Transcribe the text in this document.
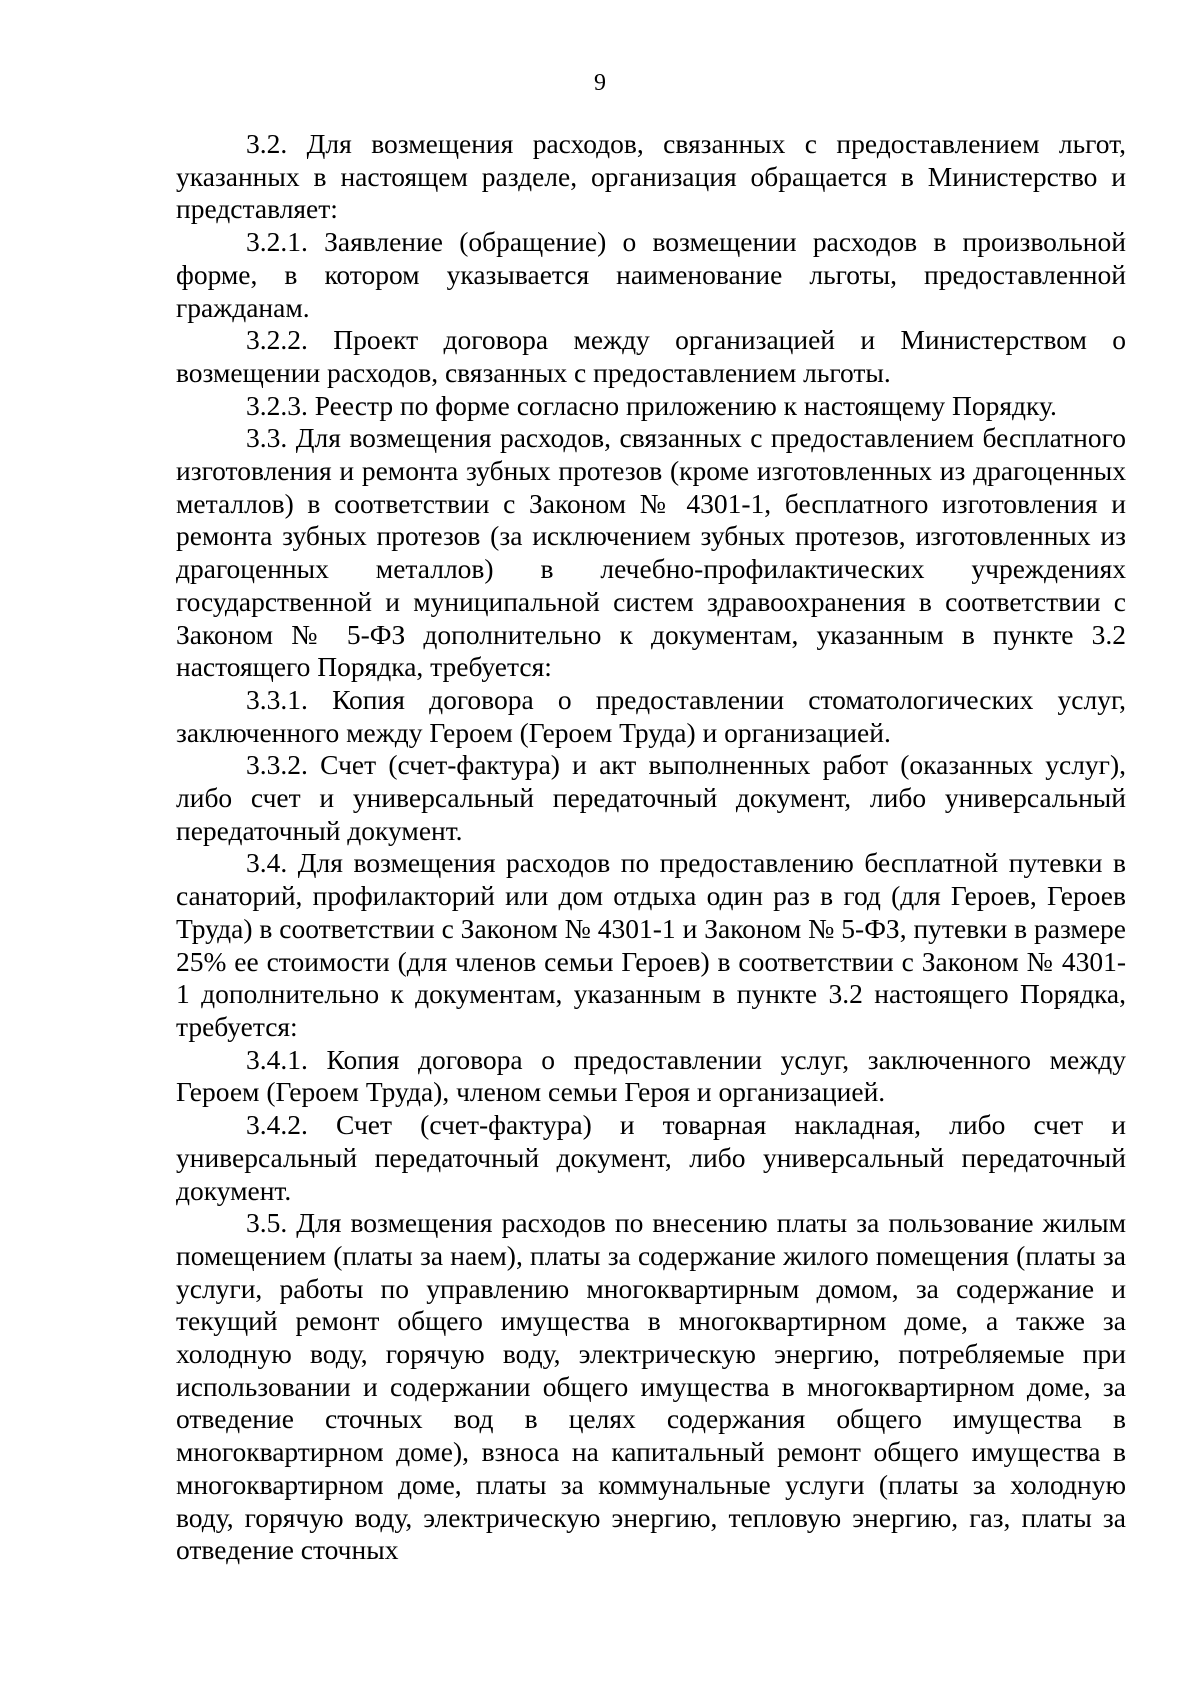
9

3.2. Для возмещения расходов, связанных с предоставлением льгот, указанных в настоящем разделе, организация обращается в Министерство и представляет:

3.2.1. Заявление (обращение) о возмещении расходов в произвольной форме, в котором указывается наименование льготы, предоставленной гражданам.

3.2.2. Проект договора между организацией и Министерством о возмещении расходов, связанных с предоставлением льготы.

3.2.3. Реестр по форме согласно приложению к настоящему Порядку.

3.3. Для возмещения расходов, связанных с предоставлением бесплатного изготовления и ремонта зубных протезов (кроме изготовленных из драгоценных металлов) в соответствии с Законом № 4301-1, бесплатного изготовления и ремонта зубных протезов (за исключением зубных протезов, изготовленных из драгоценных металлов) в лечебно-профилактических учреждениях государственной и муниципальной систем здравоохранения в соответствии с Законом № 5-ФЗ дополнительно к документам, указанным в пункте 3.2 настоящего Порядка, требуется:

3.3.1. Копия договора о предоставлении стоматологических услуг, заключенного между Героем (Героем Труда) и организацией.

3.3.2. Счет (счет-фактура) и акт выполненных работ (оказанных услуг), либо счет и универсальный передаточный документ, либо универсальный передаточный документ.

3.4. Для возмещения расходов по предоставлению бесплатной путевки в санаторий, профилакторий или дом отдыха один раз в год (для Героев, Героев Труда) в соответствии с Законом № 4301-1 и Законом № 5-ФЗ, путевки в размере 25% ее стоимости (для членов семьи Героев) в соответствии с Законом № 4301-1 дополнительно к документам, указанным в пункте 3.2 настоящего Порядка, требуется:

3.4.1. Копия договора о предоставлении услуг, заключенного между Героем (Героем Труда), членом семьи Героя и организацией.

3.4.2. Счет (счет-фактура) и товарная накладная, либо счет и универсальный передаточный документ, либо универсальный передаточный документ.

3.5. Для возмещения расходов по внесению платы за пользование жилым помещением (платы за наем), платы за содержание жилого помещения (платы за услуги, работы по управлению многоквартирным домом, за содержание и текущий ремонт общего имущества в многоквартирном доме, а также за холодную воду, горячую воду, электрическую энергию, потребляемые при использовании и содержании общего имущества в многоквартирном доме, за отведение сточных вод в целях содержания общего имущества в многоквартирном доме), взноса на капитальный ремонт общего имущества в многоквартирном доме, платы за коммунальные услуги (платы за холодную воду, горячую воду, электрическую энергию, тепловую энергию, газ, платы за отведение сточных
